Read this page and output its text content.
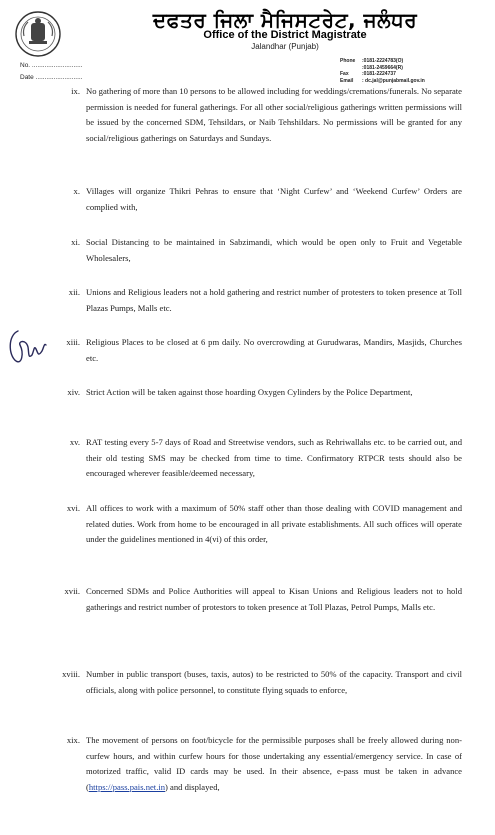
ਦਫਤਰ ਜਿਲਾ ਮੈਜਿਸਟਰੇਟ, ਜਲੰਧਰ
Office of the District Magistrate
Jalandhar (Punjab)
No. ............................
Date ..........................
Phone	:0181-2224783(O)
:0181-2459664(R)
Fax	:0181-2224737
Email	: dc.jal@punjabmail.gov.in
ix. No gathering of more than 10 persons to be allowed including for weddings/cremations/funerals. No separate permission is needed for funeral gatherings. For all other social/religious gatherings written permissions will be issued by the concerned SDM, Tehsildars, or Naib Tehshildars. No permissions will be granted for any social/religious gatherings on Saturdays and Sundays.
x. Villages will organize Thikri Pehras to ensure that ‘Night Curfew’ and ‘Weekend Curfew’ Orders are complied with,
xi. Social Distancing to be maintained in Sabzimandi, which would be open only to Fruit and Vegetable Wholesalers,
xii. Unions and Religious leaders not a hold gathering and restrict number of protesters to token presence at Toll Plazas Pumps, Malls etc.
xiii. Religious Places to be closed at 6 pm daily. No overcrowding at Gurudwaras, Mandirs, Masjids, Churches etc.
xiv. Strict Action will be taken against those hoarding Oxygen Cylinders by the Police Department,
xv. RAT testing every 5-7 days of Road and Streetwise vendors, such as Rehriwallahs etc. to be carried out, and their old testing SMS may be checked from time to time. Confirmatory RTPCR tests should also be encouraged wherever feasible/deemed necessary,
xvi. All offices to work with a maximum of 50% staff other than those dealing with COVID management and related duties. Work from home to be encouraged in all private establishments. All such offices will operate under the guidelines mentioned in 4(vi) of this order,
xvii. Concerned SDMs and Police Authorities will appeal to Kisan Unions and Religious leaders not to hold gatherings and restrict number of protestors to token presence at Toll Plazas, Petrol Pumps, Malls etc.
xviii. Number in public transport (buses, taxis, autos) to be restricted to 50% of the capacity. Transport and civil officials, along with police personnel, to constitute flying squads to enforce,
xix. The movement of persons on foot/bicycle for the permissible purposes shall be freely allowed during non-curfew hours, and within curfew hours for those undertaking any essential/emergency service. In case of motorized traffic, valid ID cards may be used. In their absence, e-pass must be taken in advance (https://pass.pais.net.in) and displayed,
